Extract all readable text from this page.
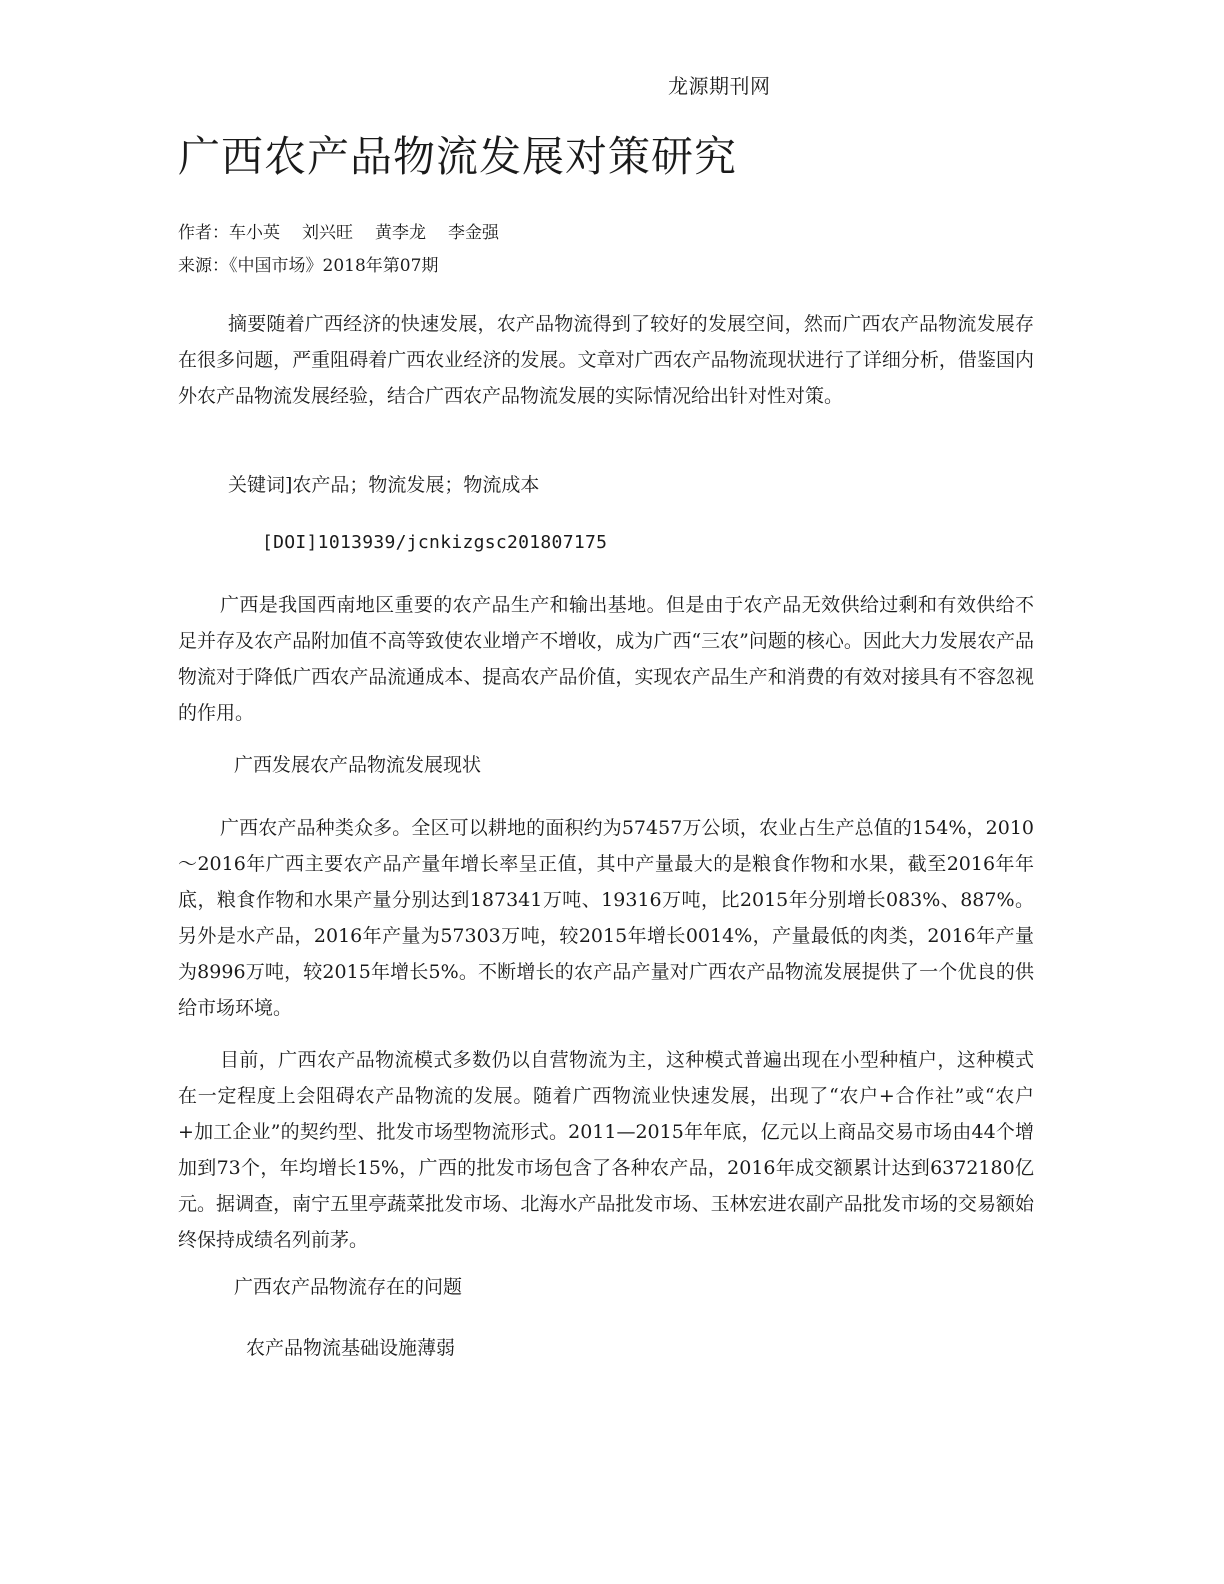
龙源期刊网
广西农产品物流发展对策研究
作者：车小英 刘兴旺 黄李龙 李金强
来源：《中国市场》2018年第07期
摘要随着广西经济的快速发展，农产品物流得到了较好的发展空间，然而广西农产品物流发展存在很多问题，严重阻碍着广西农业经济的发展。文章对广西农产品物流现状进行了详细分析，借鉴国内外农产品物流发展经验，结合广西农产品物流发展的实际情况给出针对性对策。
关键词]农产品；物流发展；物流成本
[DOI]1013939/jcnkizgsc201807175
广西是我国西南地区重要的农产品生产和输出基地。但是由于农产品无效供给过剩和有效供给不足并存及农产品附加值不高等致使农业增产不增收，成为广西“三农”问题的核心。因此大力发展农产品物流对于降低广西农产品流通成本、提高农产品价值，实现农产品生产和消费的有效对接具有不容忽视的作用。
广西发展农产品物流发展现状
广西农产品种类众多。全区可以耕地的面积约为57457万公顷，农业占生产总值的154%，2010～2016年广西主要农产品产量年增长率呈正值，其中产量最大的是粮食作物和水果，截至2016年年底，粮食作物和水果产量分别达到187341万吨、19316万吨，比2015年分别增长083%、887%。另外是水产品，2016年产量为57303万吨，较2015年增长0014%，产量最低的肉类，2016年产量为8996万吨，较2015年增长5%。不断增长的农产品产量对广西农产品物流发展提供了一个优良的供给市场环境。
目前，广西农产品物流模式多数仍以自营物流为主，这种模式普遍出现在小型种植户，这种模式在一定程度上会阻碍农产品物流的发展。随着广西物流业快速发展，出现了“农户+合作社”或“农户+加工企业”的契约型、批发市场型物流形式。2011—2015年年底，亿元以上商品交易市场由44个增加到73个，年均增长15%，广西的批发市场包含了各种农产品，2016年成交额累计达到6372180亿元。据调查，南宁五里亭蔬菜批发市场、北海水产品批发市场、玉林宏进农副产品批发市场的交易额始终保持成绩名列前茅。
广西农产品物流存在的问题
农产品物流基础设施薄弱
